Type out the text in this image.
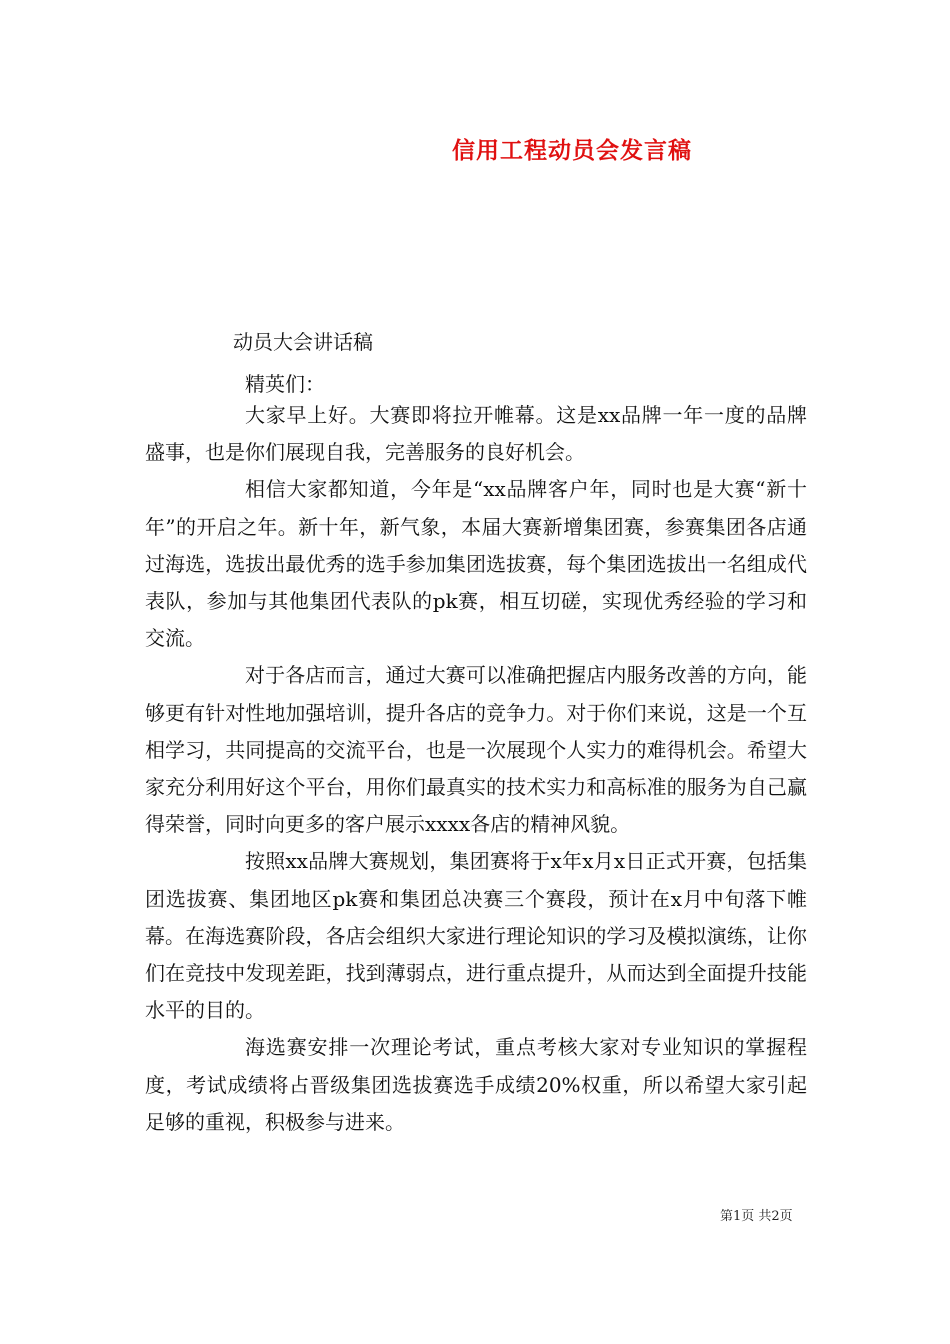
信用工程动员会发言稿
动员大会讲话稿
精英们：

大家早上好。大赛即将拉开帷幕。这是xx品牌一年一度的品牌盛事，也是你们展现自我，完善服务的良好机会。

相信大家都知道，今年是“xx品牌客户年，同时也是大赛“新十年”的开启之年。新十年，新气象，本届大赛新增集团赛，参赛集团各店通过海选，选拔出最优秀的选手参加集团选拔赛，每个集团选拔出一名组成代表队，参加与其他集团代表队的pk赛，相互切磋，实现优秀经验的学习和交流。

对于各店而言，通过大赛可以准确把握店内服务改善的方向，能够更有针对性地加强培训，提升各店的竞争力。对于你们来说，这是一个互相学习，共同提高的交流平台，也是一次展现个人实力的难得机会。希望大家充分利用好这个平台，用你们最真实的技术实力和高标准的服务为自己赢得荣誉，同时向更多的客户展示xxxx各店的精神风貌。

按照xx品牌大赛规划，集团赛将于x年x月x日正式开赛，包括集团选拔赛、集团地区pk赛和集团总决赛三个赛段，预计在x月中旬落下帷幕。在海选赛阶段，各店会组织大家进行理论知识的学习及模拟演练，让你们在竞技中发现差距，找到薄弱点，进行重点提升，从而达到全面提升技能水平的目的。

海选赛安排一次理论考试，重点考核大家对专业知识的掌握程度，考试成绩将占晋级集团选拔赛选手成绩20%权重，所以希望大家引起足够的重视，积极参与进来。

第1页 共2页
